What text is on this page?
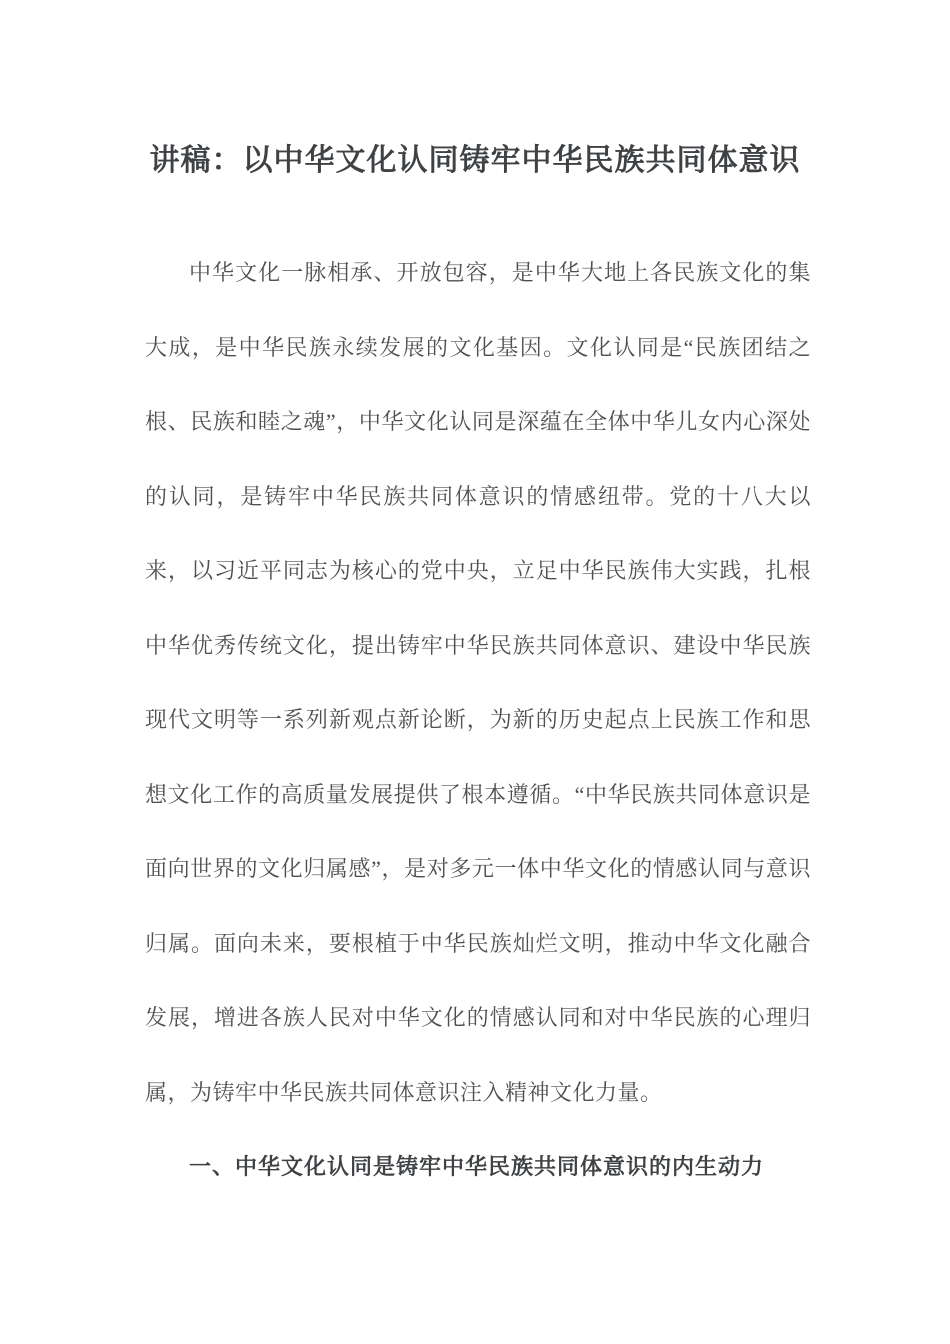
讲稿：以中华文化认同铸牢中华民族共同体意识

中华文化一脉相承、开放包容，是中华大地上各民族文化的集大成，是中华民族永续发展的文化基因。文化认同是“民族团结之根、民族和睦之魂”，中华文化认同是深蕴在全体中华儿女内心深处的认同，是铸牢中华民族共同体意识的情感纽带。党的十八大以来，以习近平同志为核心的党中央，立足中华民族伟大实践，扎根中华优秀传统文化，提出铸牢中华民族共同体意识、建设中华民族现代文明等一系列新观点新论断，为新的历史起点上民族工作和思想文化工作的高质量发展提供了根本遵循。“中华民族共同体意识是面向世界的文化归属感”，是对多元一体中华文化的情感认同与意识归属。面向未来，要根植于中华民族灿烂文明，推动中华文化融合发展，增进各族人民对中华文化的情感认同和对中华民族的心理归属，为铸牢中华民族共同体意识注入精神文化力量。

一、中华文化认同是铸牢中华民族共同体意识的内生动力
